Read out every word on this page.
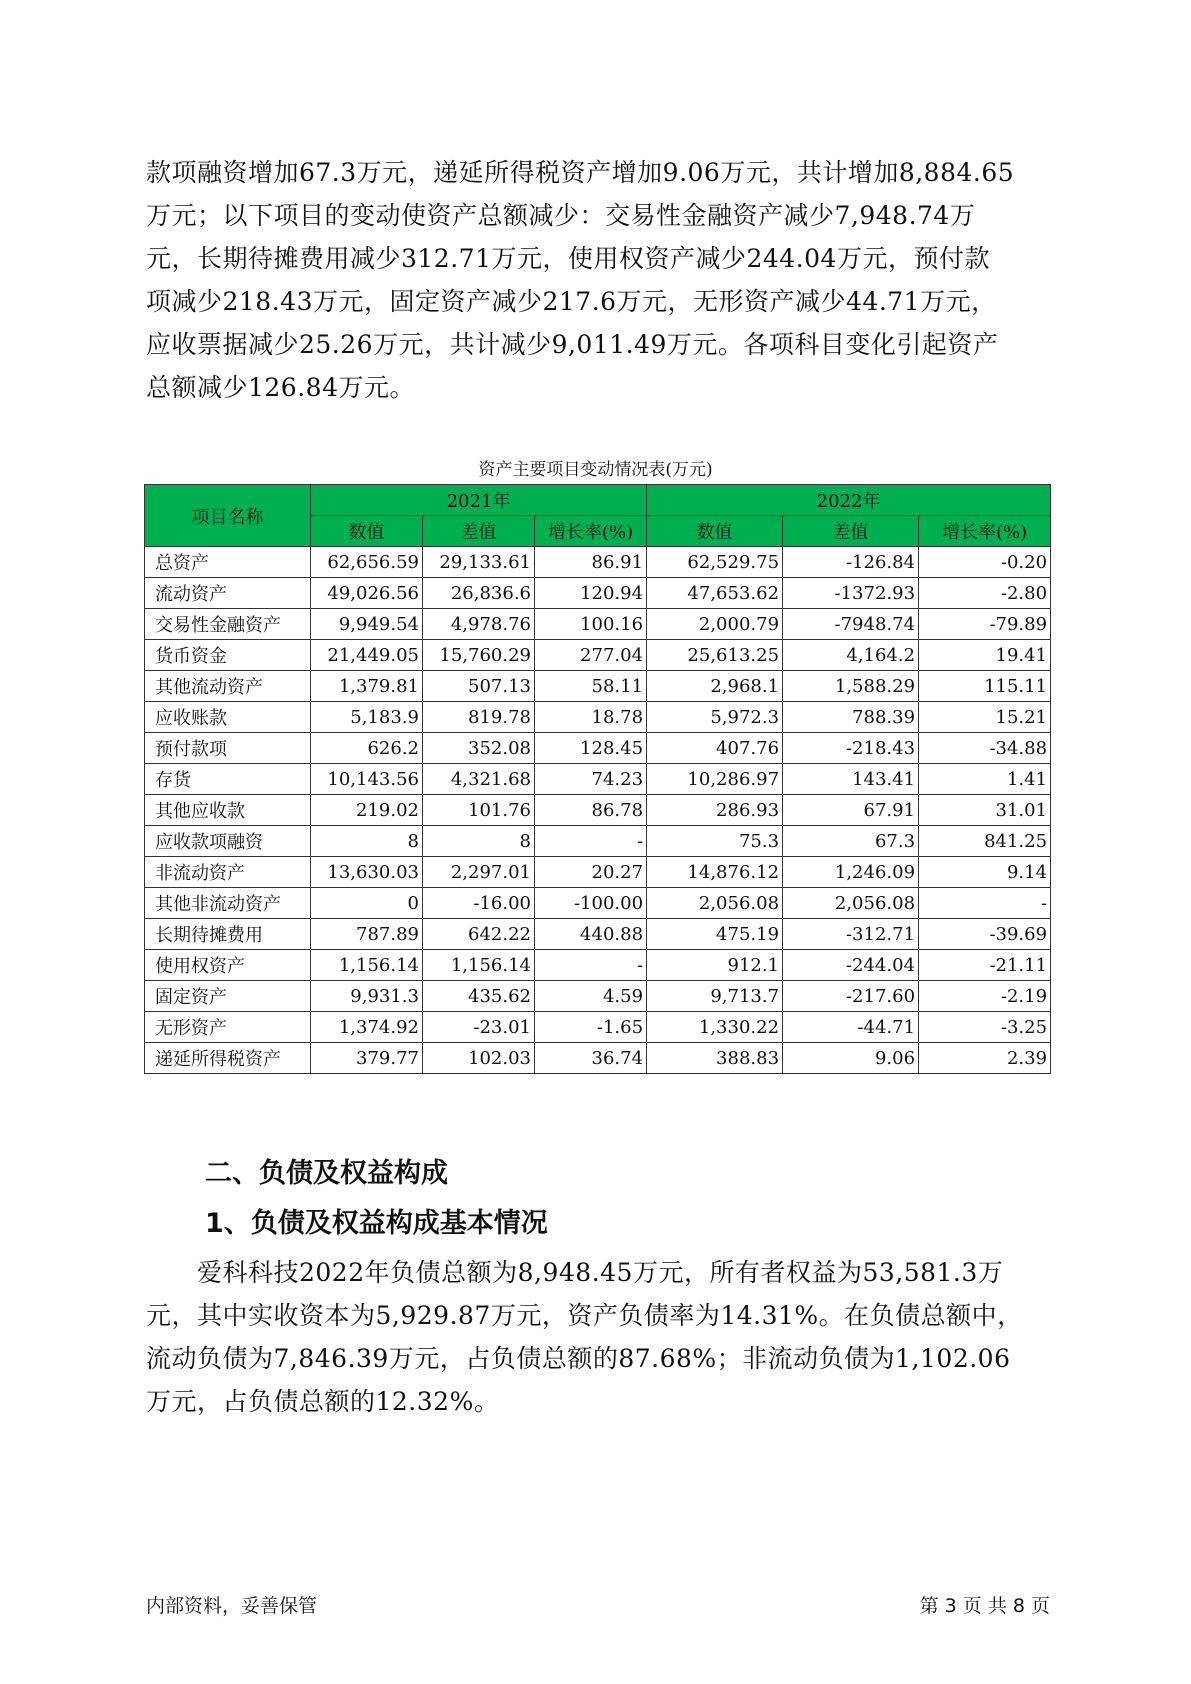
款项融资增加67.3万元，递延所得税资产增加9.06万元，共计增加8,884.65
万元；以下项目的变动使资产总额减少：交易性金融资产减少7,948.74万
元，长期待摊费用减少312.71万元，使用权资产减少244.04万元，预付款
项减少218.43万元，固定资产减少217.6万元，无形资产减少44.71万元，
应收票据减少25.26万元，共计减少9,011.49万元。各项科目变化引起资产
总额减少126.84万元。
资产主要项目变动情况表(万元)
项目名称	2021年			2022年		
	数值	差值	增长率(%)	数值	差值	增长率(%)
总资产	62,656.59	29,133.61	86.91	62,529.75	-126.84	-0.20
流动资产	49,026.56	26,836.6	120.94	47,653.62	-1372.93	-2.80
交易性金融资产	9,949.54	4,978.76	100.16	2,000.79	-7948.74	-79.89
货币资金	21,449.05	15,760.29	277.04	25,613.25	4,164.2	19.41
其他流动资产	1,379.81	507.13	58.11	2,968.1	1,588.29	115.11
应收账款	5,183.9	819.78	18.78	5,972.3	788.39	15.21
预付款项	626.2	352.08	128.45	407.76	-218.43	-34.88
存货	10,143.56	4,321.68	74.23	10,286.97	143.41	1.41
其他应收款	219.02	101.76	86.78	286.93	67.91	31.01
应收款项融资	8	8	-	75.3	67.3	841.25
非流动资产	13,630.03	2,297.01	20.27	14,876.12	1,246.09	9.14
其他非流动资产	0	-16.00	-100.00	2,056.08	2,056.08	-
长期待摊费用	787.89	642.22	440.88	475.19	-312.71	-39.69
使用权资产	1,156.14	1,156.14	-	912.1	-244.04	-21.11
固定资产	9,931.3	435.62	4.59	9,713.7	-217.60	-2.19
无形资产	1,374.92	-23.01	-1.65	1,330.22	-44.71	-3.25
递延所得税资产	379.77	102.03	36.74	388.83	9.06	2.39
二、负债及权益构成
1、负债及权益构成基本情况
　　爱科科技2022年负债总额为8,948.45万元，所有者权益为53,581.3万
元，其中实收资本为5,929.87万元，资产负债率为14.31%。在负债总额中，
流动负债为7,846.39万元，占负债总额的87.68%；非流动负债为1,102.06
万元，占负债总额的12.32%。
内部资料，妥善保管	第 3 页 共 8 页
